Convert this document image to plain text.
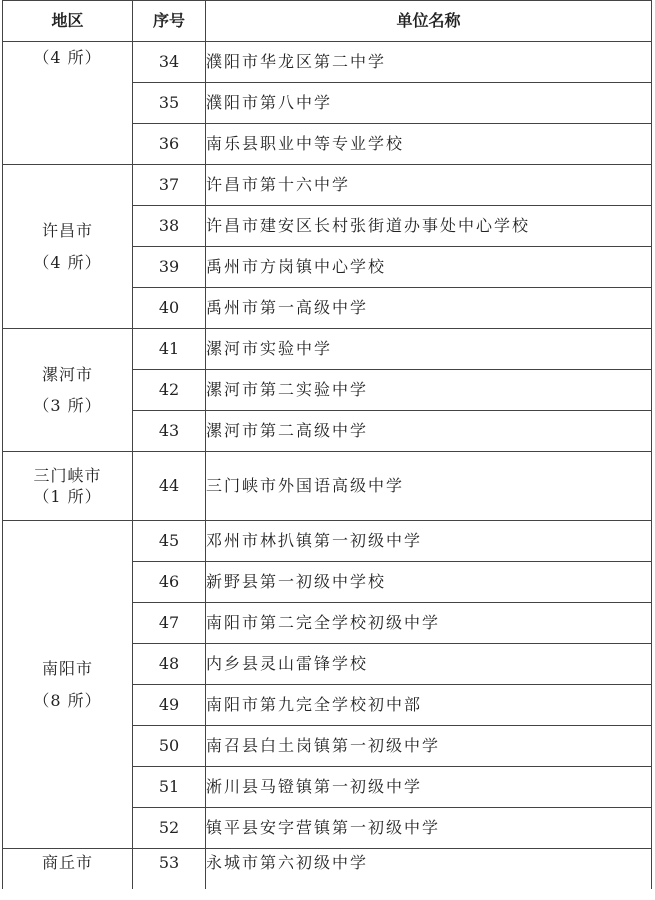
地区	序号	单位名称

（4 所）	34	濮阳市华龙区第二中学
	35	濮阳市第八中学
	36	南乐县职业中等专业学校

许昌市
（4 所）	37	许昌市第十六中学
	38	许昌市建安区长村张街道办事处中心学校
	39	禹州市方岗镇中心学校
	40	禹州市第一高级中学

漯河市
（3 所）	41	漯河市实验中学
	42	漯河市第二实验中学
	43	漯河市第二高级中学

三门峡市
（1 所）	44	三门峡市外国语高级中学

南阳市
（8 所）	45	邓州市林扒镇第一初级中学
	46	新野县第一初级中学校
	47	南阳市第二完全学校初级中学
	48	内乡县灵山雷锋学校
	49	南阳市第九完全学校初中部
	50	南召县白土岗镇第一初级中学
	51	淅川县马镫镇第一初级中学
	52	镇平县安字营镇第一初级中学

商丘市	53	永城市第六初级中学
